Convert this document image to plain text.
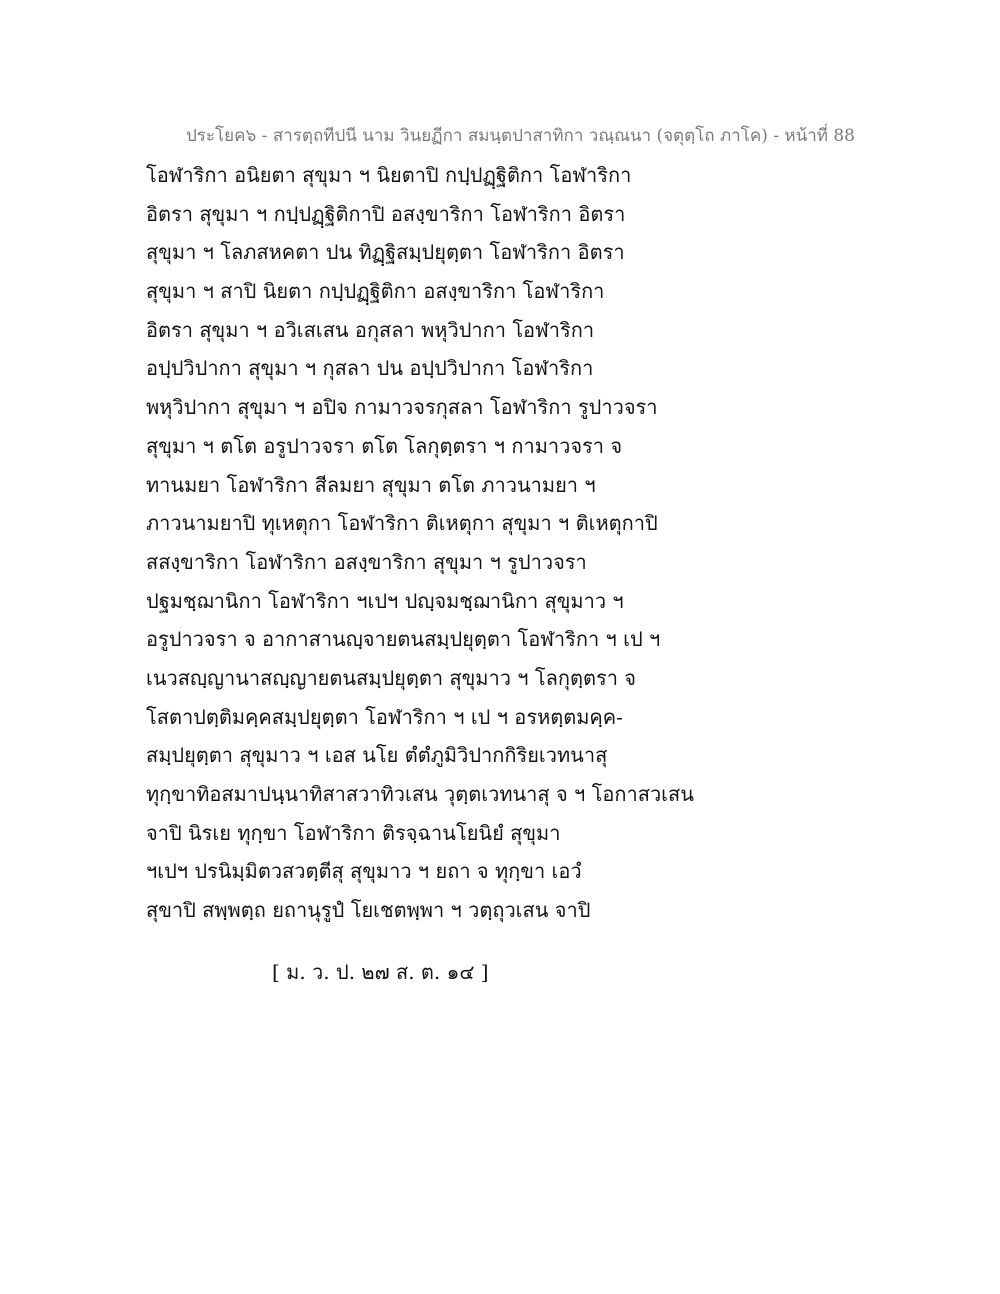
ประโยค๖ - สารตฺถทีปนี นาม วินยฏีกา สมนฺตปาสาทิกา วณฺณนา (จตุตฺโถ ภาโค) - หน้าที่ 88
โอฬาริกา อนิยตา สุขุมา ฯ นิยตาปิ กปฺปฏฺฐิติกา โอฬาริกา
อิตรา สุขุมา ฯ กปฺปฏฺฐิติกาปิ อสงฺขาริกา โอฬาริกา อิตรา
สุขุมา ฯ โลภสหคตา ปน ทิฏฺฐิสมฺปยุตฺตา โอฬาริกา อิตรา
สุขุมา ฯ สาปิ นิยตา กปฺปฏฺฐิติกา อสงฺขาริกา โอฬาริกา
อิตรา สุขุมา ฯ อวิเสเสน อกุสลา พหุวิปากา โอฬาริกา
อปฺปวิปากา สุขุมา ฯ กุสลา ปน อปฺปวิปากา โอฬาริกา
พหุวิปากา สุขุมา ฯ อปิจ กามาวจรกุสลา โอฬาริกา รูปาวจรา
สุขุมา ฯ ตโต อรูปาวจรา ตโต โลกุตฺตรา ฯ กามาวจรา จ
ทานมยา โอฬาริกา สีลมยา สุขุมา ตโต ภาวนามยา ฯ
ภาวนามยาปิ ทุเหตุกา โอฬาริกา ติเหตุกา สุขุมา ฯ ติเหตุกาปิ
สสงฺขาริกา โอฬาริกา อสงฺขาริกา สุขุมา ฯ รูปาวจรา
ปฐมชฺฌานิกา โอฬาริกา ฯเปฯ ปญฺจมชฺฌานิกา สุขุมาว ฯ
อรูปาวจรา จ อากาสานญฺจายตนสมฺปยุตฺตา โอฬาริกา ฯ เป ฯ
เนวสญฺญานาสญฺญายตนสมฺปยุตฺตา สุขุมาว ฯ โลกุตฺตรา จ
โสตาปตฺติมคฺคสมฺปยุตฺตา โอฬาริกา ฯ เป ฯ อรหตฺตมคฺค-
สมฺปยุตฺตา สุขุมาว ฯ เอส นโย ตํตํภูมิวิปากกิริยเวทนาสุ
ทุกฺขาทิอสมาปนฺนาทิสาสวาทิวเสน วุตฺตเวทนาสุ จ ฯ โอกาสวเสน
จาปิ นิรเย ทุกฺขา โอฬาริกา ติรจฺฉานโยนิยํ สุขุมา
ฯเปฯ ปรนิมฺมิตวสวตฺตีสุ สุขุมาว ฯ ยถา จ ทุกฺขา เอวํ
สุขาปิ สพฺพตฺถ ยถานุรูปํ โยเชตพฺพา ฯ วตฺถุวเสน จาปิ
[ ม. ว. ป. ๒๗ ส. ต. ๑๔ ]
